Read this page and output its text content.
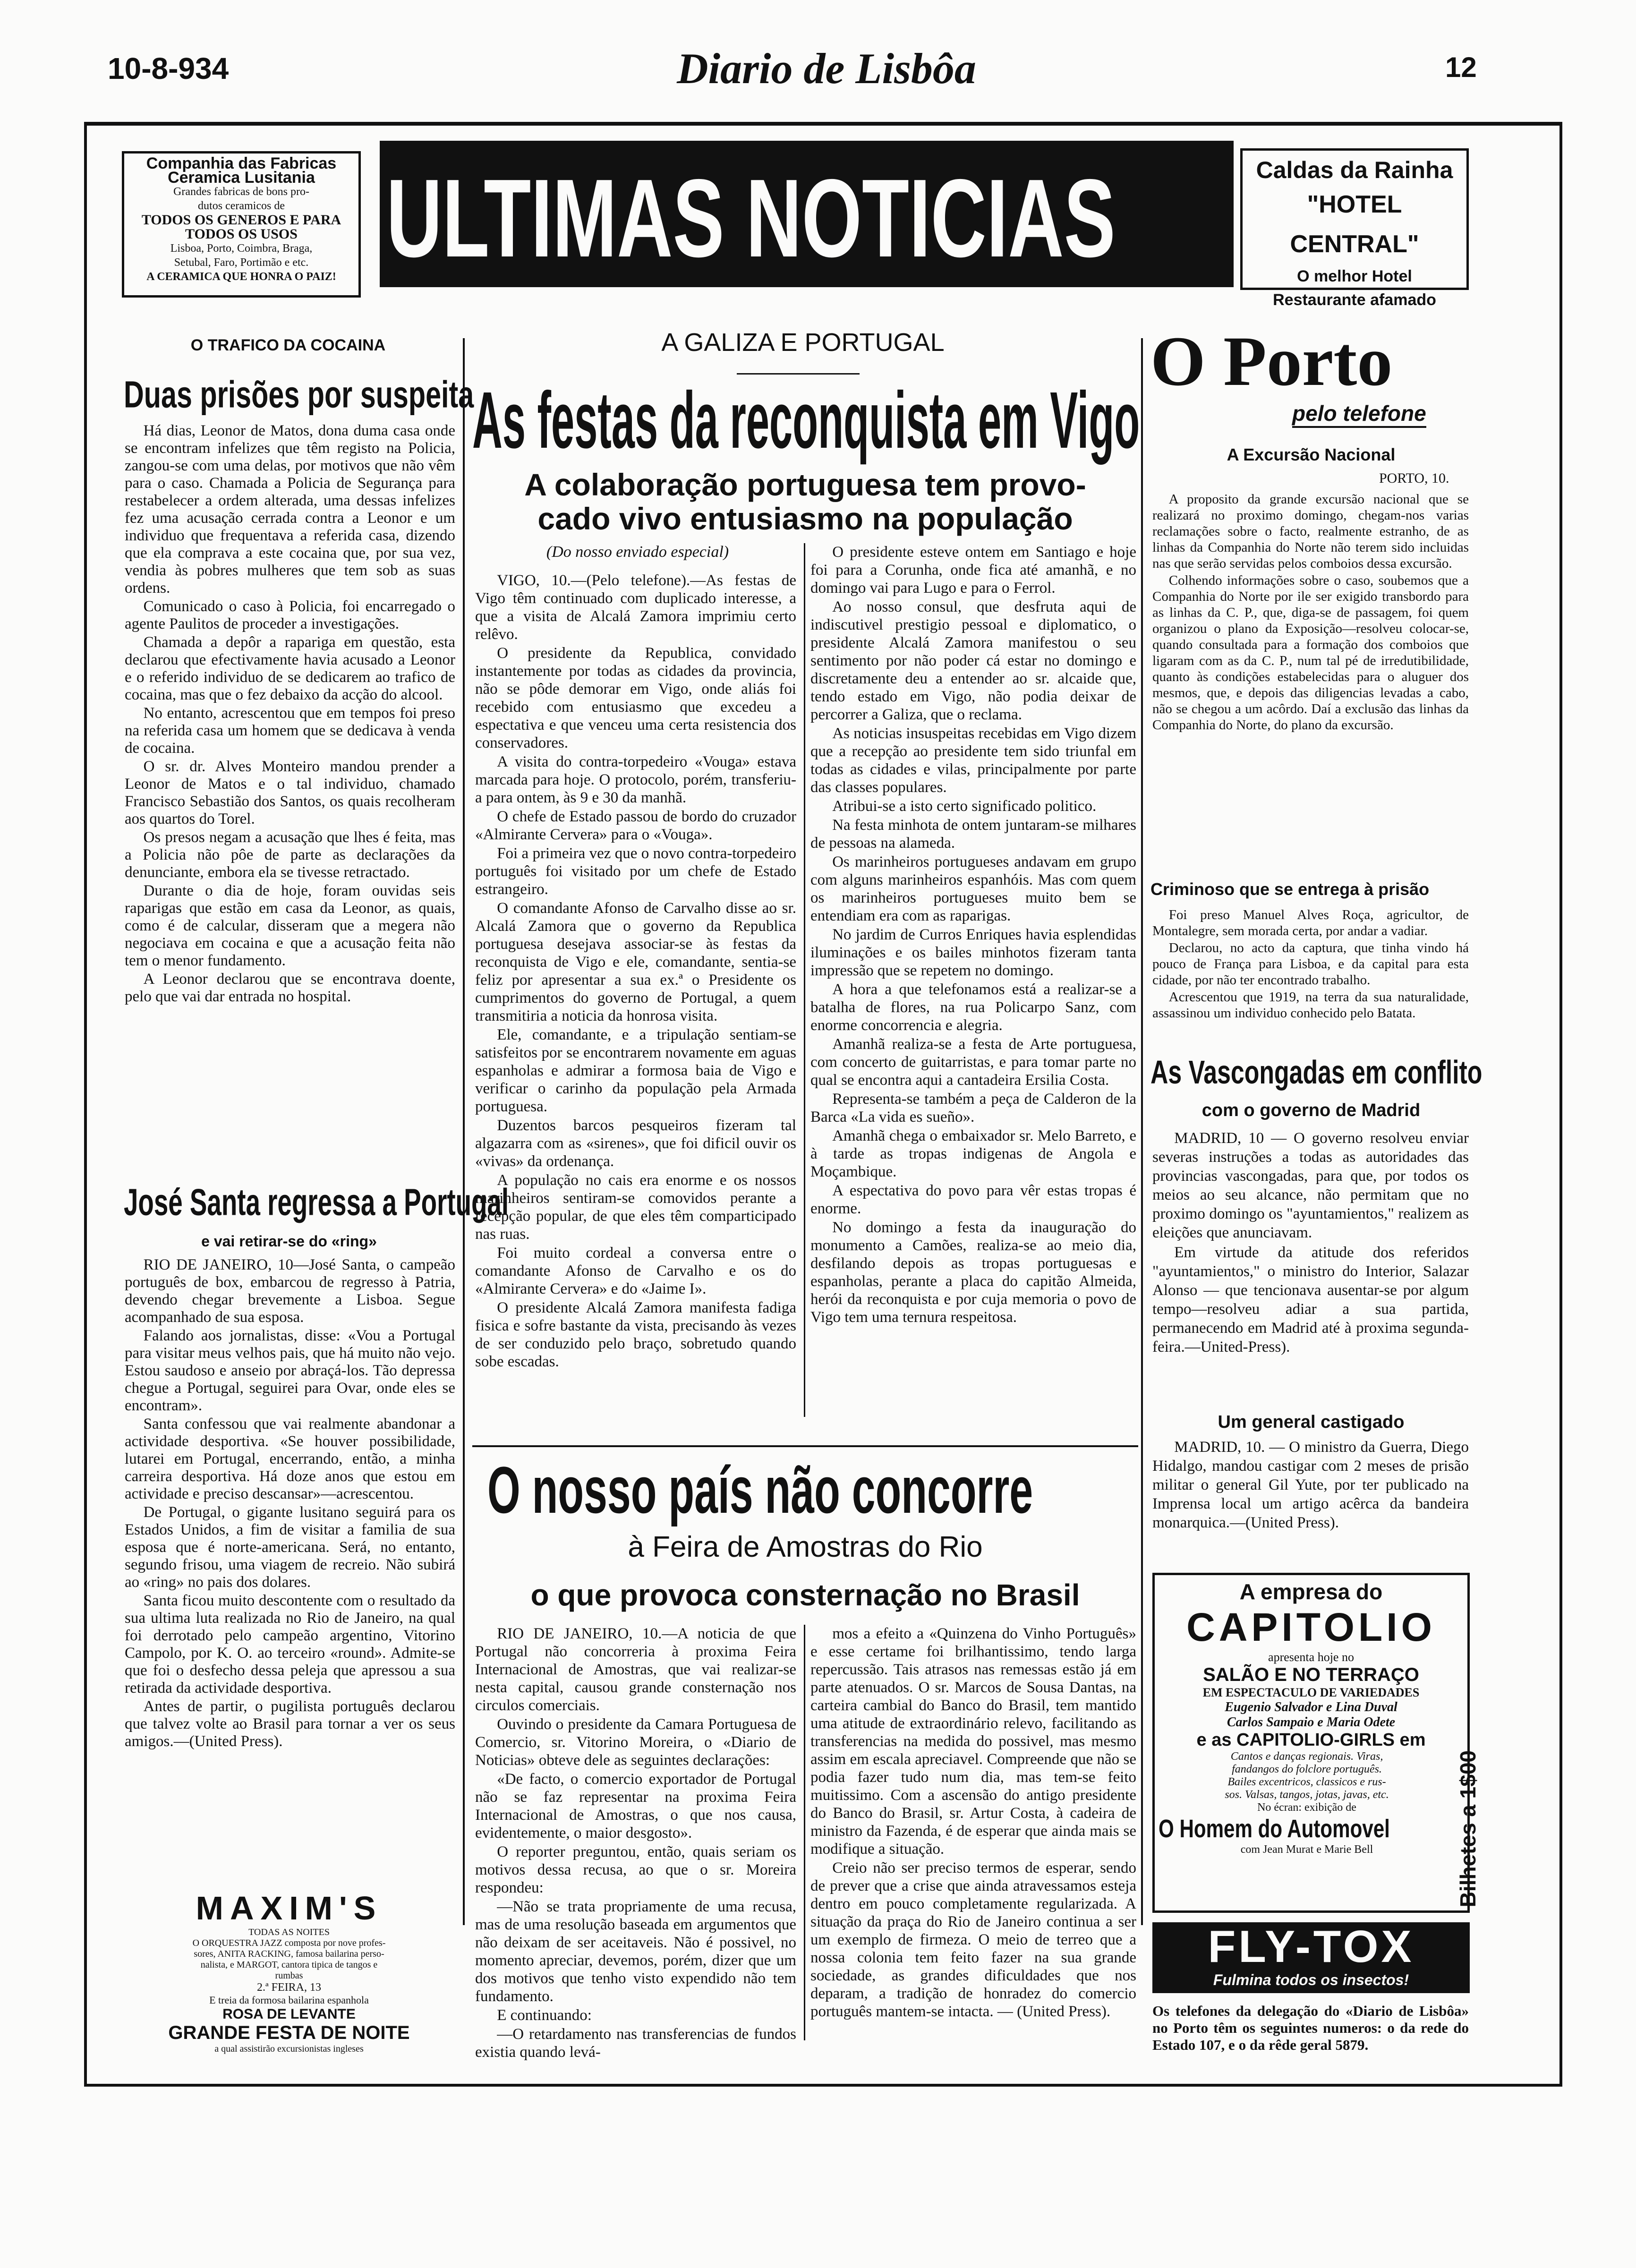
10-8-934	Diario de Lisbôa	12
Companhia das Fabricas
Ceramica Lusitania
Grandes fabricas de bons pro-
dutos ceramicos de
TODOS OS GENEROS E PARA
TODOS OS USOS
Lisboa, Porto, Coimbra, Braga,
Setubal, Faro, Portimão e etc.
A CERAMICA QUE HONRA O PAIZ! ULTIMAS NOTICIAS	Caldas da Rainha
"HOTEL CENTRAL"
O melhor Hotel
Restaurante afamado
O TRAFICO DA COCAINA
Duas prisões por suspeita

Há dias, Leonor de Matos, dona duma casa onde se encontram infelizes que têm registo na Policia, zangou-se com uma delas, por motivos que não vêm para o caso. Chamada a Policia de Segurança para restabelecer a ordem alterada, uma dessas infelizes fez uma acusação cerrada contra a Leonor e um individuo que frequentava a referida casa, dizendo que ela comprava a este cocaina que, por sua vez, vendia às pobres mulheres que tem sob as suas ordens.

Comunicado o caso à Policia, foi encarregado o agente Paulitos de proceder a investigações.

Chamada a depôr a rapariga em questão, esta declarou que efectivamente havia acusado a Leonor e o referido individuo de se dedicarem ao trafico de cocaina, mas que o fez debaixo da acção do alcool.

No entanto, acrescentou que em tempos foi preso na referida casa um homem que se dedicava à venda de cocaina.

O sr. dr. Alves Monteiro mandou prender a Leonor de Matos e o tal individuo, chamado Francisco Sebastião dos Santos, os quais recolheram aos quartos do Torel.

Os presos negam a acusação que lhes é feita, mas a Policia não pôe de parte as declarações da denunciante, embora ela se tivesse retractado.

Durante o dia de hoje, foram ouvidas seis raparigas que estão em casa da Leonor, as quais, como é de calcular, disseram que a megera não negociava em cocaina e que a acusação feita não tem o menor fundamento.

A Leonor declarou que se encontrava doente, pelo que vai dar entrada no hospital.

José Santa regressa a Portugal
e vai retirar-se do «ring»

RIO DE JANEIRO, 10—José Santa, o campeão português de box, embarcou de regresso à Patria, devendo chegar brevemente a Lisboa. Segue acompanhado de sua esposa.

Falando aos jornalistas, disse: «Vou a Portugal para visitar meus velhos pais, que há muito não vejo. Estou saudoso e anseio por abraçá-los. Tão depressa chegue a Portugal, seguirei para Ovar, onde eles se encontram».

Santa confessou que vai realmente abandonar a actividade desportiva. «Se houver possibilidade, lutarei em Portugal, encerrando, então, a minha carreira desportiva. Há doze anos que estou em actividade e preciso descansar»—acrescentou.

De Portugal, o gigante lusitano seguirá para os Estados Unidos, a fim de visitar a familia de sua esposa que é norte-americana. Será, no entanto, segundo frisou, uma viagem de recreio. Não subirá ao «ring» no pais dos dolares.

Santa ficou muito descontente com o resultado da sua ultima luta realizada no Rio de Janeiro, na qual foi derrotado pelo campeão argentino, Vitorino Campolo, por K. O. ao terceiro «round». Admite-se que foi o desfecho dessa peleja que apressou a sua retirada da actividade desportiva.

Antes de partir, o pugilista português declarou que talvez volte ao Brasil para tornar a ver os seus amigos.—(United Press).

MAXIM'S
TODAS AS NOITES
O ORQUESTRA JAZZ composta por nove profes-
sores, ANITA RACKING, famosa bailarina perso-
nalista, e MARGOT, cantora tipica de tangos e
rumbas
2.ª FEIRA, 13
E treia da formosa bailarina espanhola
ROSA DE LEVANTE
GRANDE FESTA DE NOITE
a qual assistirão excursionistas ingleses
A GALIZA E PORTUGAL
As festas da reconquista em Vigo
A colaboração portuguesa tem provo-
cado vivo entusiasmo na população
(Do nosso enviado especial)

VIGO, 10.—(Pelo telefone).—As festas de Vigo têm continuado com duplicado interesse, a que a visita de Alcalá Zamora imprimiu certo relêvo.

O presidente da Republica, convidado instantemente por todas as cidades da provincia, não se pôde demorar em Vigo, onde aliás foi recebido com entusiasmo que excedeu a espectativa e que venceu uma certa resistencia dos conservadores.

A visita do contra-torpedeiro «Vouga» estava marcada para hoje. O protocolo, porém, transferiu-a para ontem, às 9 e 30 da manhã.

O chefe de Estado passou de bordo do cruzador «Almirante Cervera» para o «Vouga».

Foi a primeira vez que o novo contra-torpedeiro português foi visitado por um chefe de Estado estrangeiro.

O comandante Afonso de Carvalho disse ao sr. Alcalá Zamora que o governo da Republica portuguesa desejava associar-se às festas da reconquista de Vigo e ele, comandante, sentia-se feliz por apresentar a sua ex.ª o Presidente os cumprimentos do governo de Portugal, a quem transmitiria a noticia da honrosa visita.

Ele, comandante, e a tripulação sentiam-se satisfeitos por se encontrarem novamente em aguas espanholas e admirar a formosa baia de Vigo e verificar o carinho da população pela Armada portuguesa.

Duzentos barcos pesqueiros fizeram tal algazarra com as «sirenes», que foi dificil ouvir os «vivas» da ordenança.

A população no cais era enorme e os nossos marinheiros sentiram-se comovidos perante a recepção popular, de que eles têm comparticipado nas ruas.

Foi muito cordeal a conversa entre o comandante Afonso de Carvalho e os do «Almirante Cervera» e do «Jaime I».

O presidente Alcalá Zamora manifesta fadiga fisica e sofre bastante da vista, precisando às vezes de ser conduzido pelo braço, sobretudo quando sobe escadas.

O presidente esteve ontem em Santiago e hoje foi para a Corunha, onde fica até amanhã, e no domingo vai para Lugo e para o Ferrol.

Ao nosso consul, que desfruta aqui de indiscutivel prestigio pessoal e diplomatico, o presidente Alcalá Zamora manifestou o seu sentimento por não poder cá estar no domingo e discretamente deu a entender ao sr. alcaide que, tendo estado em Vigo, não podia deixar de percorrer a Galiza, que o reclama.

As noticias insuspeitas recebidas em Vigo dizem que a recepção ao presidente tem sido triunfal em todas as cidades e vilas, principalmente por parte das classes populares.

Atribui-se a isto certo significado politico.

Na festa minhota de ontem juntaram-se milhares de pessoas na alameda.

Os marinheiros portugueses andavam em grupo com alguns marinheiros espanhóis. Mas com quem os marinheiros portugueses muito bem se entendiam era com as raparigas.

No jardim de Curros Enriques havia esplendidas iluminações e os bailes minhotos fizeram tanta impressão que se repetem no domingo.

A hora a que telefonamos está a realizar-se a batalha de flores, na rua Policarpo Sanz, com enorme concorrencia e alegria.

Amanhã realiza-se a festa de Arte portuguesa, com concerto de guitarristas, e para tomar parte no qual se encontra aqui a cantadeira Ersilia Costa.

Representa-se também a peça de Calderon de la Barca «La vida es sueño».

Amanhã chega o embaixador sr. Melo Barreto, e à tarde as tropas indigenas de Angola e Moçambique.

A espectativa do povo para vêr estas tropas é enorme.

No domingo a festa da inauguração do monumento a Camões, realiza-se ao meio dia, desfilando depois as tropas portuguesas e espanholas, perante a placa do capitão Almeida, herói da reconquista e por cuja memoria o povo de Vigo tem uma ternura respeitosa.

O nosso país não concorre
à Feira de Amostras do Rio
o que provoca consternação no Brasil

RIO DE JANEIRO, 10.—A noticia de que Portugal não concorreria à proxima Feira Internacional de Amostras, que vai realizar-se nesta capital, causou grande consternação nos circulos comerciais.

Ouvindo o presidente da Camara Portuguesa de Comercio, sr. Vitorino Moreira, o «Diario de Noticias» obteve dele as seguintes declarações:

«De facto, o comercio exportador de Portugal não se faz representar na proxima Feira Internacional de Amostras, o que nos causa, evidentemente, o maior desgosto».

O reporter preguntou, então, quais seriam os motivos dessa recusa, ao que o sr. Moreira respondeu:

—Não se trata propriamente de uma recusa, mas de uma resolução baseada em argumentos que não deixam de ser aceitaveis. Não é possivel, no momento apreciar, devemos, porém, dizer que um dos motivos que tenho visto expendido não tem fundamento.

E continuando:

—O retardamento nas transferencias de fundos existia quando levá-

mos a efeito a «Quinzena do Vinho Português» e esse certame foi brilhantissimo, tendo larga repercussão. Tais atrasos nas remessas estão já em parte atenuados. O sr. Marcos de Sousa Dantas, na carteira cambial do Banco do Brasil, tem mantido uma atitude de extraordinário relevo, facilitando as transferencias na medida do possivel, mas mesmo assim em escala apreciavel. Compreende que não se podia fazer tudo num dia, mas tem-se feito muitissimo. Com a ascensão do antigo presidente do Banco do Brasil, sr. Artur Costa, à cadeira de ministro da Fazenda, é de esperar que ainda mais se modifique a situação.

Creio não ser preciso termos de esperar, sendo de prever que a crise que ainda atravessamos esteja dentro em pouco completamente regularizada. A situação da praça do Rio de Janeiro continua a ser um exemplo de firmeza. O meio de terreo que a nossa colonia tem feito fazer na sua grande sociedade, as grandes dificuldades que nos deparam, a tradição de honradez do comercio português mantem-se intacta. — (United Press).

O Porto
pelo telefone
A Excursão Nacional
PORTO, 10.

A proposito da grande excursão nacional que se realizará no proximo domingo, chegam-nos varias reclamações sobre o facto, realmente estranho, de as linhas da Companhia do Norte não terem sido incluidas nas que serão servidas pelos comboios dessa excursão.

Colhendo informações sobre o caso, soubemos que a Companhia do Norte por ile ser exigido transbordo para as linhas da C. P., que, diga-se de passagem, foi quem organizou o plano da Exposição—resolveu colocar-se, quando consultada para a formação dos comboios que ligaram com as da C. P., num tal pé de irredutibilidade, quanto às condições estabelecidas para o aluguer dos mesmos, que, e depois das diligencias levadas a cabo, não se chegou a um acôrdo. Daí a exclusão das linhas da Companhia do Norte, do plano da excursão.

Criminoso que se entrega à prisão

Foi preso Manuel Alves Roça, agricultor, de Montalegre, sem morada certa, por andar a vadiar.

Declarou, no acto da captura, que tinha vindo há pouco de França para Lisboa, e da capital para esta cidade, por não ter encontrado trabalho.

Acrescentou que 1919, na terra da sua naturalidade, assassinou um individuo conhecido pelo Batata.

As Vascongadas em conflito
com o governo de Madrid

MADRID, 10 — O governo resolveu enviar severas instruções a todas as autoridades das provincias vascongadas, para que, por todos os meios ao seu alcance, não permitam que no proximo domingo os "ayuntamientos," realizem as eleições que anunciavam.

Em virtude da atitude dos referidos "ayuntamientos," o ministro do Interior, Salazar Alonso — que tencionava ausentar-se por algum tempo—resolveu adiar a sua partida, permanecendo em Madrid até à proxima segunda-feira.—United-Press).

Um general castigado

MADRID, 10. — O ministro da Guerra, Diego Hidalgo, mandou castigar com 2 meses de prisão militar o general Gil Yute, por ter publicado na Imprensa local um artigo acêrca da bandeira monarquica.—(United Press).

A empresa do
CAPITOLIO
apresenta hoje no
SALÃO E NO TERRAÇO
EM ESPECTACULO DE VARIEDADES
Eugenio Salvador e Lina Duval
Carlos Sampaio e Maria Odete
e as CAPITOLIO-GIRLS em
Cantos e danças regionais. Viras,
fandangos do folclore português.
Bailes excentricos, classicos e rus-
sos. Valsas, tangos, jotas, javas, etc.
No écran: exibição de
O Homem do Automovel
com Jean Murat e Marie Bell	Bilhetes a 1$00
FLY-TOX
Fulmina todos os insectos!
Os telefones da delegação do «Diario de Lisbôa» no Porto têm os seguintes numeros: o da rede do Estado 107, e o da rêde geral 5879.
